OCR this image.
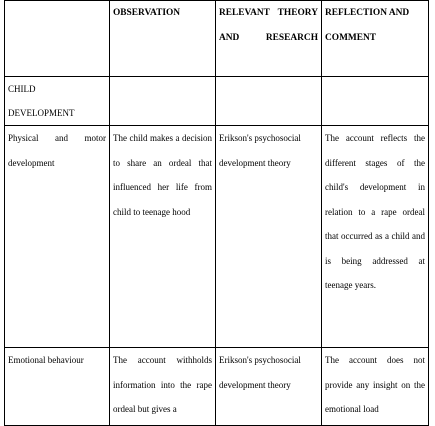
	OBSERVATION	RELEVANT THEORY AND RESEARCH	REFLECTION AND COMMENT

CHILD DEVELOPMENT			

Physical and motor development	The child makes a decision to share an ordeal that influenced her life from child to teenage hood	Erikson's psychosocial development theory	The account reflects the different stages of the child's development in relation to a rape ordeal that occurred as a child and is being addressed at teenage years.
Emotional behaviour	The account withholds information into the rape ordeal but gives a	Erikson's psychosocial development theory	The account does not provide any insight on the emotional load
